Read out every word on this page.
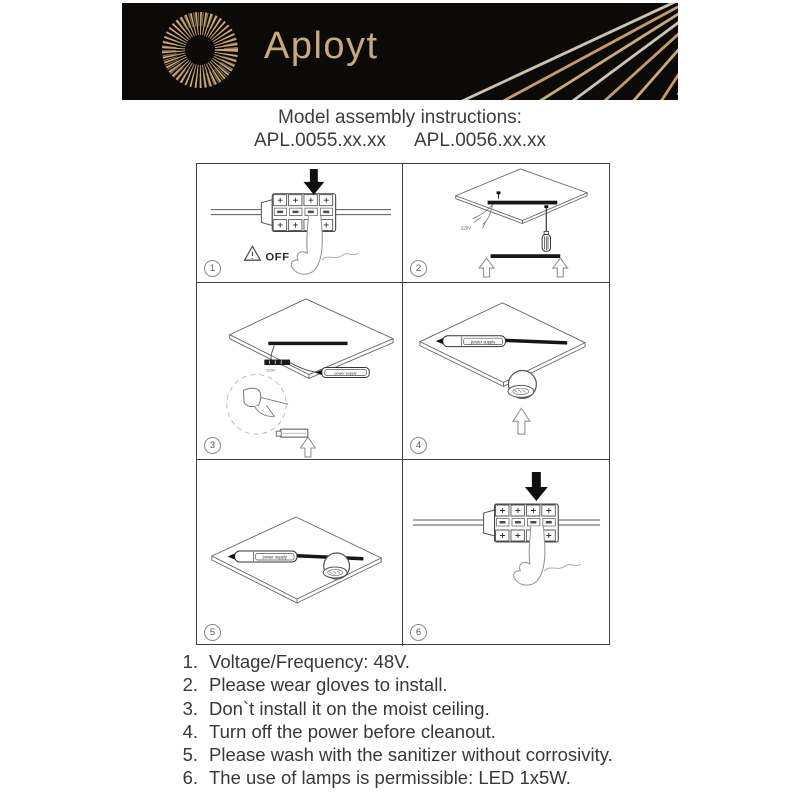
Aployt
Model assembly instructions:
APL.0055.xx.xx APL.0056.xx.xx
OFF
1
220V
2
220V
power supply
3
power supply
4
power supply
5	6
1. Voltage/Frequency: 48V.
2. Please wear gloves to install.
3. Don`t install it on the moist ceiling.
4. Turn off the power before cleanout.
5. Please wash with the sanitizer without corrosivity.
6. The use of lamps is permissible: LED 1x5W.
